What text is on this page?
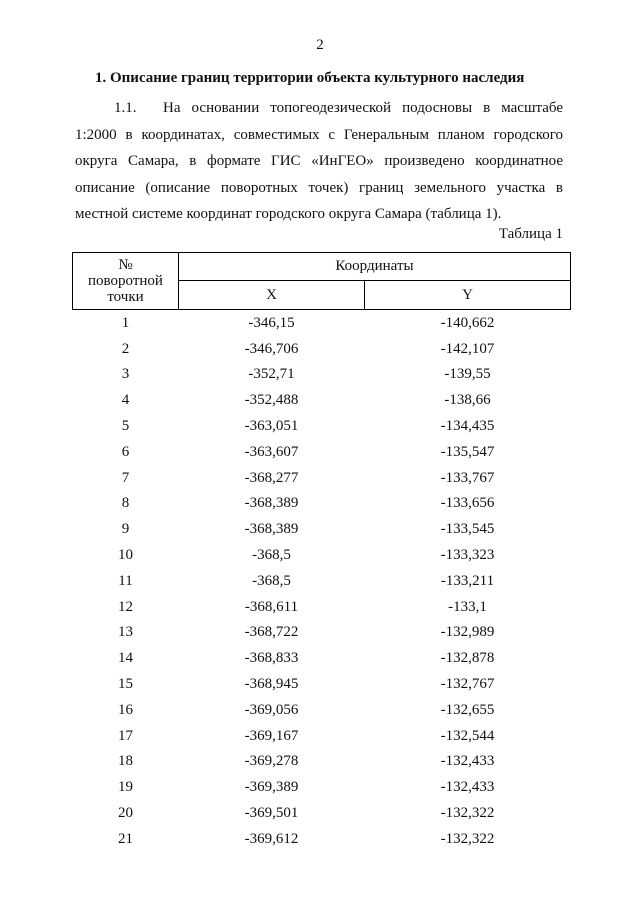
2
1. Описание границ территории объекта культурного наследия

1.1. На основании топогеодезической подосновы в масштабе 1:2000 в координатах, совместимых с Генеральным планом городского округа Самара, в формате ГИС «ИнГЕО» произведено координатное описание (описание поворотных точек) границ земельного участка в местной системе координат городского округа Самара (таблица 1).

Таблица 1
№
поворотной
точки	Координаты	
	X	Y
1	-346,15	-140,662
2	-346,706	-142,107
3	-352,71	-139,55
4	-352,488	-138,66
5	-363,051	-134,435
6	-363,607	-135,547
7	-368,277	-133,767
8	-368,389	-133,656
9	-368,389	-133,545
10	-368,5	-133,323
11	-368,5	-133,211
12	-368,611	-133,1
13	-368,722	-132,989
14	-368,833	-132,878
15	-368,945	-132,767
16	-369,056	-132,655
17	-369,167	-132,544
18	-369,278	-132,433
19	-369,389	-132,433
20	-369,501	-132,322
21	-369,612	-132,322
